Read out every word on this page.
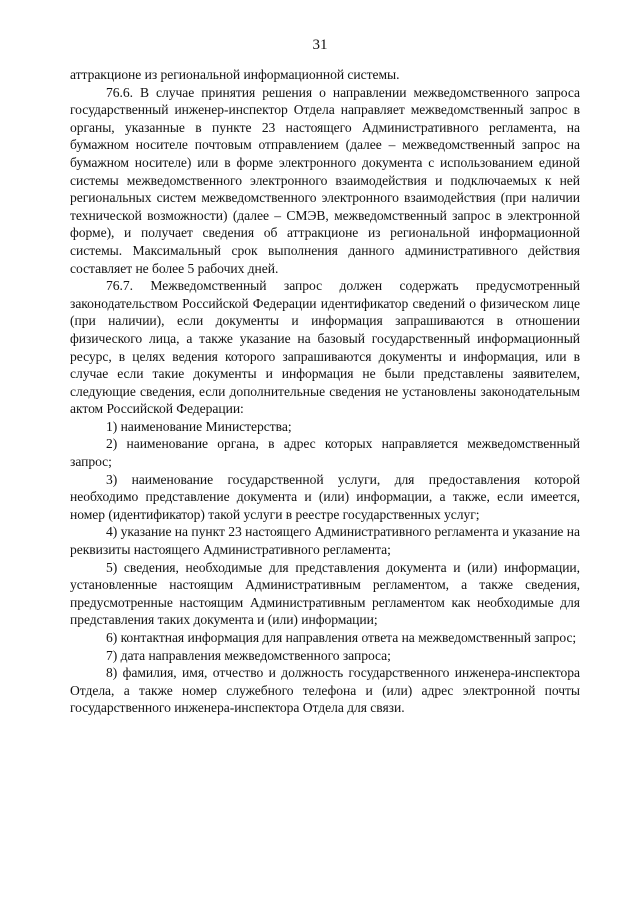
31

аттракционе из региональной информационной системы.

76.6. В случае принятия решения о направлении межведомственного запроса государственный инженер-инспектор Отдела направляет межведомственный запрос в органы, указанные в пункте 23 настоящего Административного регламента, на бумажном носителе почтовым отправлением (далее – межведомственный запрос на бумажном носителе) или в форме электронного документа с использованием единой системы межведомственного электронного взаимодействия и подключаемых к ней региональных систем межведомственного электронного взаимодействия (при наличии технической возможности) (далее – СМЭВ, межведомственный запрос в электронной форме), и получает сведения об аттракционе из региональной информационной системы. Максимальный срок выполнения данного административного действия составляет не более 5 рабочих дней.

76.7. Межведомственный запрос должен содержать предусмотренный законодательством Российской Федерации идентификатор сведений о физическом лице (при наличии), если документы и информация запрашиваются в отношении физического лица, а также указание на базовый государственный информационный ресурс, в целях ведения которого запрашиваются документы и информация, или в случае если такие документы и информация не были представлены заявителем, следующие сведения, если дополнительные сведения не установлены законодательным актом Российской Федерации:

1) наименование Министерства;

2) наименование органа, в адрес которых направляется межведомственный запрос;

3) наименование государственной услуги, для предоставления которой необходимо представление документа и (или) информации, а также, если имеется, номер (идентификатор) такой услуги в реестре государственных услуг;

4) указание на пункт 23 настоящего Административного регламента и указание на реквизиты настоящего Административного регламента;

5) сведения, необходимые для представления документа и (или) информации, установленные настоящим Административным регламентом, а также сведения, предусмотренные настоящим Административным регламентом как необходимые для представления таких документа и (или) информации;

6) контактная информация для направления ответа на межведомственный запрос;

7) дата направления межведомственного запроса;

8) фамилия, имя, отчество и должность государственного инженера-инспектора Отдела, а также номер служебного телефона и (или) адрес электронной почты государственного инженера-инспектора Отдела для связи.
